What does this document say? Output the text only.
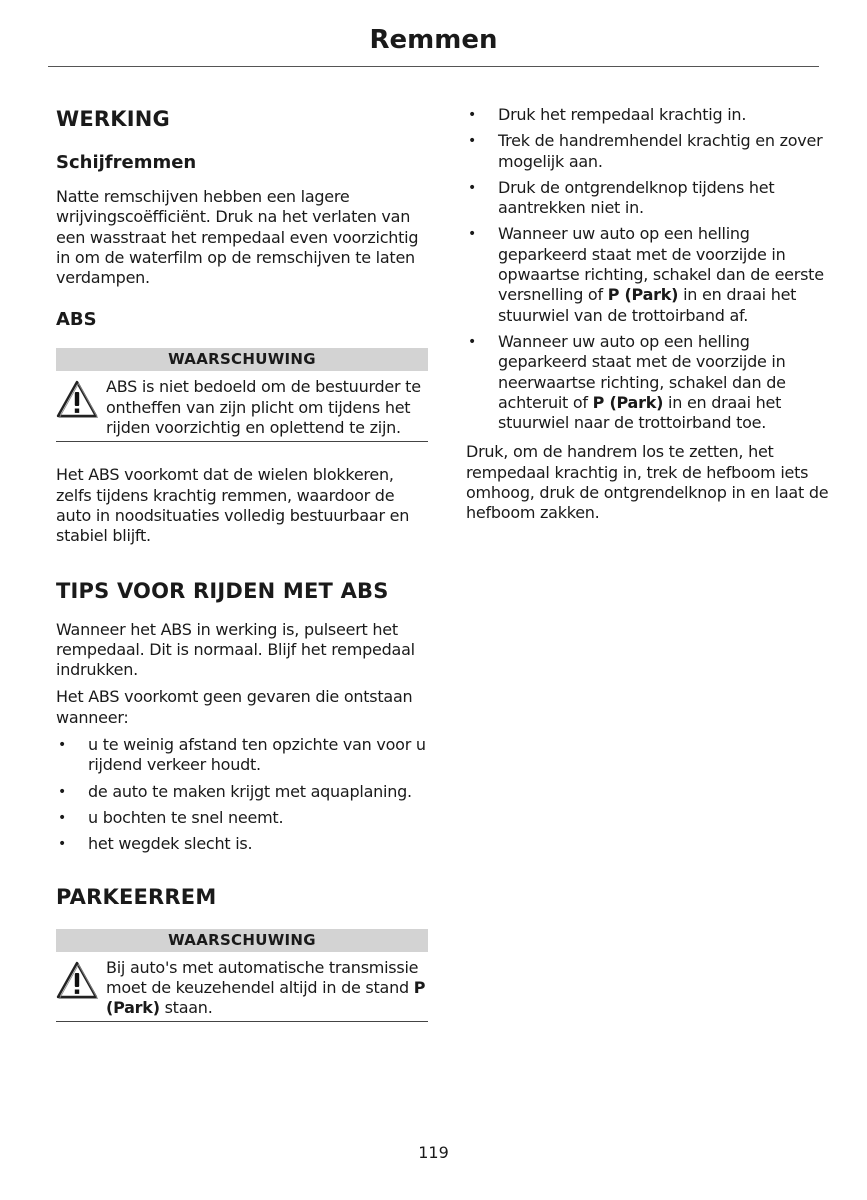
Remmen
WERKING
Schijfremmen

Natte remschijven hebben een lagere wrijvingscoëfficiënt. Druk na het verlaten van een wasstraat het rempedaal even voorzichtig in om de waterfilm op de remschijven te laten verdampen.

ABS
WAARSCHUWING

ABS is niet bedoeld om de bestuurder te ontheffen van zijn plicht om tijdens het rijden voorzichtig en oplettend te zijn.

Het ABS voorkomt dat de wielen blokkeren, zelfs tijdens krachtig remmen, waardoor de auto in noodsituaties volledig bestuurbaar en stabiel blijft.

TIPS VOOR RIJDEN MET ABS

Wanneer het ABS in werking is, pulseert het rempedaal. Dit is normaal. Blijf het rempedaal indrukken.

Het ABS voorkomt geen gevaren die ontstaan wanneer:

• u te weinig afstand ten opzichte van voor u rijdend verkeer houdt.
• de auto te maken krijgt met aquaplaning.
• u bochten te snel neemt.
• het wegdek slecht is.
PARKEERREM
WAARSCHUWING

Bij auto's met automatische transmissie moet de keuzehendel altijd in de stand P (Park) staan.

• Druk het rempedaal krachtig in.
• Trek de handremhendel krachtig en zover mogelijk aan.
• Druk de ontgrendelknop tijdens het aantrekken niet in.
• Wanneer uw auto op een helling geparkeerd staat met de voorzijde in opwaartse richting, schakel dan de eerste versnelling of P (Park) in en draai het stuurwiel van de trottoirband af.
• Wanneer uw auto op een helling geparkeerd staat met de voorzijde in neerwaartse richting, schakel dan de achteruit of P (Park) in en draai het stuurwiel naar de trottoirband toe.

Druk, om de handrem los te zetten, het rempedaal krachtig in, trek de hefboom iets omhoog, druk de ontgrendelknop in en laat de hefboom zakken.

119
